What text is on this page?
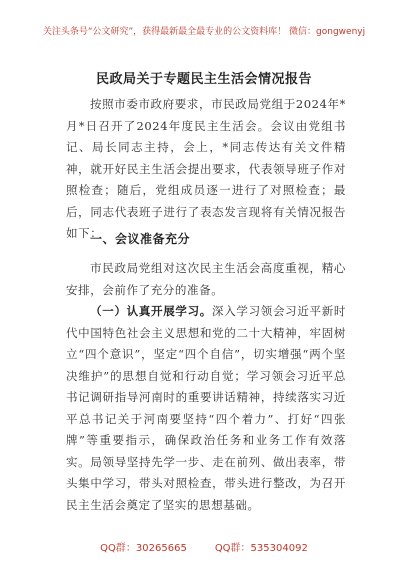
关注头条号“公文研究”，获得最新最全最专业的公文资料库！ 微信：gongwenyj
民政局关于专题民主生活会情况报告
按照市委市政府要求，市民政局党组于2024年*月*日召开了2024年度民主生活会。会议由党组书记、局长同志主持，会上，*同志传达有关文件精神，就开好民主生活会提出要求，代表领导班子作对照检查；随后，党组成员逐一进行了对照检查；最后，同志代表班子进行了表态发言现将有关情况报告如下：
一、会议准备充分
市民政局党组对这次民主生活会高度重视，精心安排，会前作了充分的准备。
（一）认真开展学习。深入学习领会习近平新时代中国特色社会主义思想和党的二十大精神，牢固树立“四个意识”，坚定“四个自信”，切实增强“两个坚决维护”的思想自觉和行动自觉；学习领会习近平总书记调研指导河南时的重要讲话精神，持续落实习近平总书记关于河南要坚持“四个着力”、打好“四张牌”等重要指示，确保政治任务和业务工作有效落实。局领导坚持先学一步、走在前列、做出表率，带头集中学习，带头对照检查，带头进行整改，为召开民主生活会奠定了坚实的思想基础。
QQ群：30265665	QQ群：535304092
